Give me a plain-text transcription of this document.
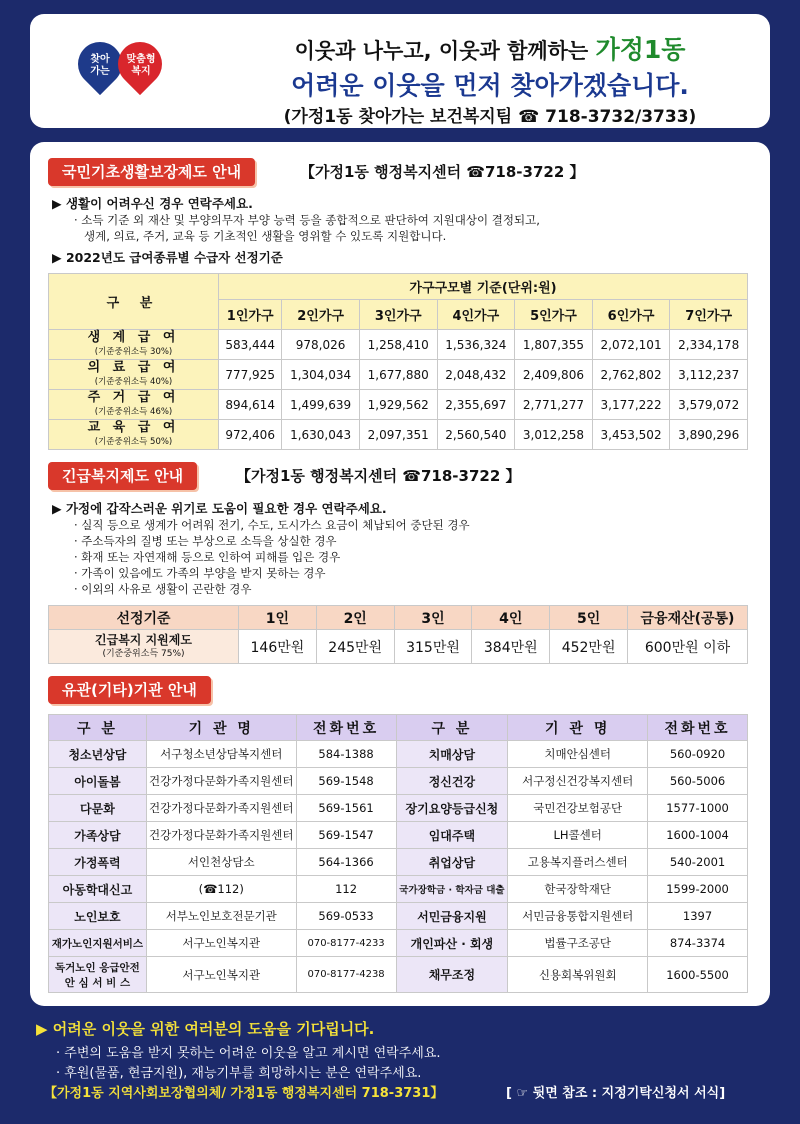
찾아
가는
맞춤형
복지
이웃과 나누고, 이웃과 함께하는 가정1동
어려운 이웃을 먼저 찾아가겠습니다.
(가정1동 찾아가는 보건복지팀 ☎ 718-3732/3733)
국민기초생활보장제도 안내	【가정1동 행정복지센터 ☎718-3722 】
▶ 생활이 어려우신 경우 연락주세요.
· 소득 기준 외 재산 및 부양의무자 부양 능력 등을 종합적으로 판단하여 지원대상이 결정되고,
생계, 의료, 주거, 교육 등 기초적인 생활을 영위할 수 있도록 지원합니다.
▶ 2022년도 급여종류별 수급자 선정기준
구 분	가구구모별 기준(단위:원)						
	1인가구	2인가구	3인가구	4인가구	5인가구	6인가구	7인가구
생 계 급 여
(기준중위소득 30%)	583,444	978,026	1,258,410	1,536,324	1,807,355	2,072,101	2,334,178
의 료 급 여
(기준중위소득 40%)	777,925	1,304,034	1,677,880	2,048,432	2,409,806	2,762,802	3,112,237
주 거 급 여
(기준중위소득 46%)	894,614	1,499,639	1,929,562	2,355,697	2,771,277	3,177,222	3,579,072
교 육 급 여
(기준중위소득 50%)	972,406	1,630,043	2,097,351	2,560,540	3,012,258	3,453,502	3,890,296
긴급복지제도 안내	【가정1동 행정복지센터 ☎718-3722 】
▶ 가정에 갑작스러운 위기로 도움이 필요한 경우 연락주세요.
· 실직 등으로 생계가 어려워 전기, 수도, 도시가스 요금이 체납되어 중단된 경우
· 주소득자의 질병 또는 부상으로 소득을 상실한 경우
· 화재 또는 자연재해 등으로 인하여 피해를 입은 경우
· 가족이 있음에도 가족의 부양을 받지 못하는 경우
· 이외의 사유로 생활이 곤란한 경우
선정기준	1인	2인	3인	4인	5인	금융재산(공통)
긴급복지 지원제도
(기준중위소득 75%)	146만원	245만원	315만원	384만원	452만원	600만원 이하
유관(기타)기관 안내
구 분	기 관 명	전화번호	구 분	기 관 명	전화번호
청소년상담	서구청소년상담복지센터	584-1388	치매상담	치매안심센터	560-0920
아이돌봄	건강가정다문화가족지원센터	569-1548	정신건강	서구정신건강복지센터	560-5006
다문화	건강가정다문화가족지원센터	569-1561	장기요양등급신청	국민건강보험공단	1577-1000
가족상담	건강가정다문화가족지원센터	569-1547	임대주택	LH콜센터	1600-1004
가정폭력	서인천상담소	564-1366	취업상담	고용복지플러스센터	540-2001
아동학대신고	(☎112)	112	국가장학금 · 학자금 대출	한국장학재단	1599-2000
노인보호	서부노인보호전문기관	569-0533	서민금융지원	서민금융통합지원센터	1397
재가노인지원서비스	서구노인복지관	070-8177-4233	개인파산 · 회생	법률구조공단	874-3374
독거노인 응급안전 안 심 서 비 스	서구노인복지관	070-8177-4238	채무조정	신용회복위원회	1600-5500
▶ 어려운 이웃을 위한 여러분의 도움을 기다립니다.
· 주변의 도움을 받지 못하는 어려운 이웃을 알고 계시면 연락주세요.
· 후원(물품, 현금지원), 재능기부를 희망하시는 분은 연락주세요.
【가정1동 지역사회보장협의체/ 가정1동 행정복지센터 718-3731】	[ ☞ 뒷면 참조 : 지정기탁신청서 서식]
